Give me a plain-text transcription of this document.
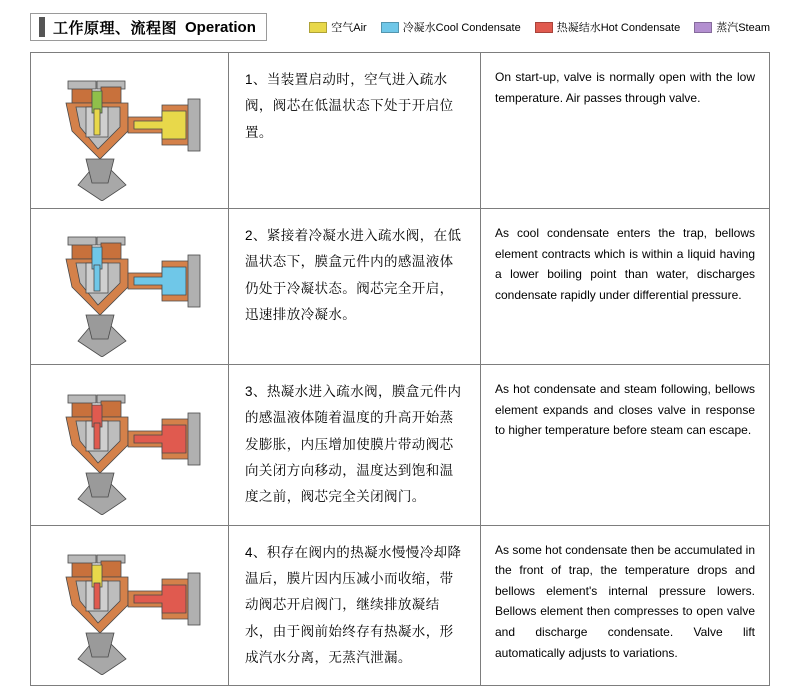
工作原理、流程图 Operation	空气Air	冷凝水Cool Condensate	热凝结水Hot Condensate	蒸汽Steam
1、当装置启动时，空气进入疏水阀，阀芯在低温状态下处于开启位置。
On start-up, valve is normally open with the low temperature. Air passes through valve.
2、紧接着冷凝水进入疏水阀，在低温状态下，膜盒元件内的感温液体仍处于冷凝状态。阀芯完全开启，迅速排放冷凝水。
As cool condensate enters the trap, bellows element contracts which is within a liquid having a lower boiling point than water, discharges condensate rapidly under differential pressure.
3、热凝水进入疏水阀，膜盒元件内的感温液体随着温度的升高开始蒸发膨胀，内压增加使膜片带动阀芯向关闭方向移动，温度达到饱和温度之前，阀芯完全关闭阀门。
As hot condensate and steam following, bellows element expands and closes valve in response to higher temperature before steam can escape.
4、积存在阀内的热凝水慢慢冷却降温后，膜片因内压减小而收缩，带动阀芯开启阀门，继续排放凝结水，由于阀前始终存有热凝水，形成汽水分离，无蒸汽泄漏。
As some hot condensate then be accumulated in the front of trap, the temperature drops and bellows element's internal pressure lowers. Bellows element then compresses to open valve and discharge condensate. Valve lift automatically adjusts to variations.
